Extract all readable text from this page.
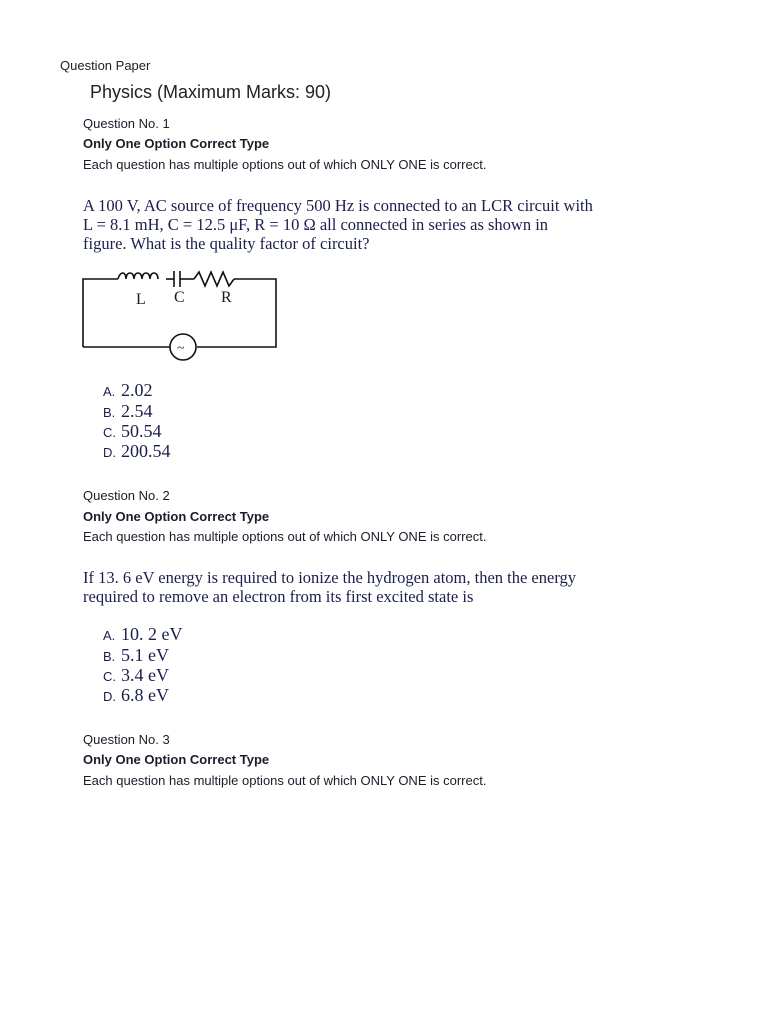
Question Paper
Physics (Maximum Marks: 90)
Question No. 1
Only One Option Correct Type
Each question has multiple options out of which ONLY ONE is correct.
A 100 V, AC source of frequency 500 Hz is connected to an LCR circuit with
L = 8.1 mH, C = 12.5 μF, R = 10 Ω all connected in series as shown in
figure. What is the quality factor of circuit?
L C R
~
A. 2.02
B. 2.54
C. 50.54
D. 200.54
Question No. 2
Only One Option Correct Type
Each question has multiple options out of which ONLY ONE is correct.
If 13. 6 eV energy is required to ionize the hydrogen atom, then the energy
required to remove an electron from its first excited state is
A. 10. 2 eV
B. 5.1 eV
C. 3.4 eV
D. 6.8 eV
Question No. 3
Only One Option Correct Type
Each question has multiple options out of which ONLY ONE is correct.
